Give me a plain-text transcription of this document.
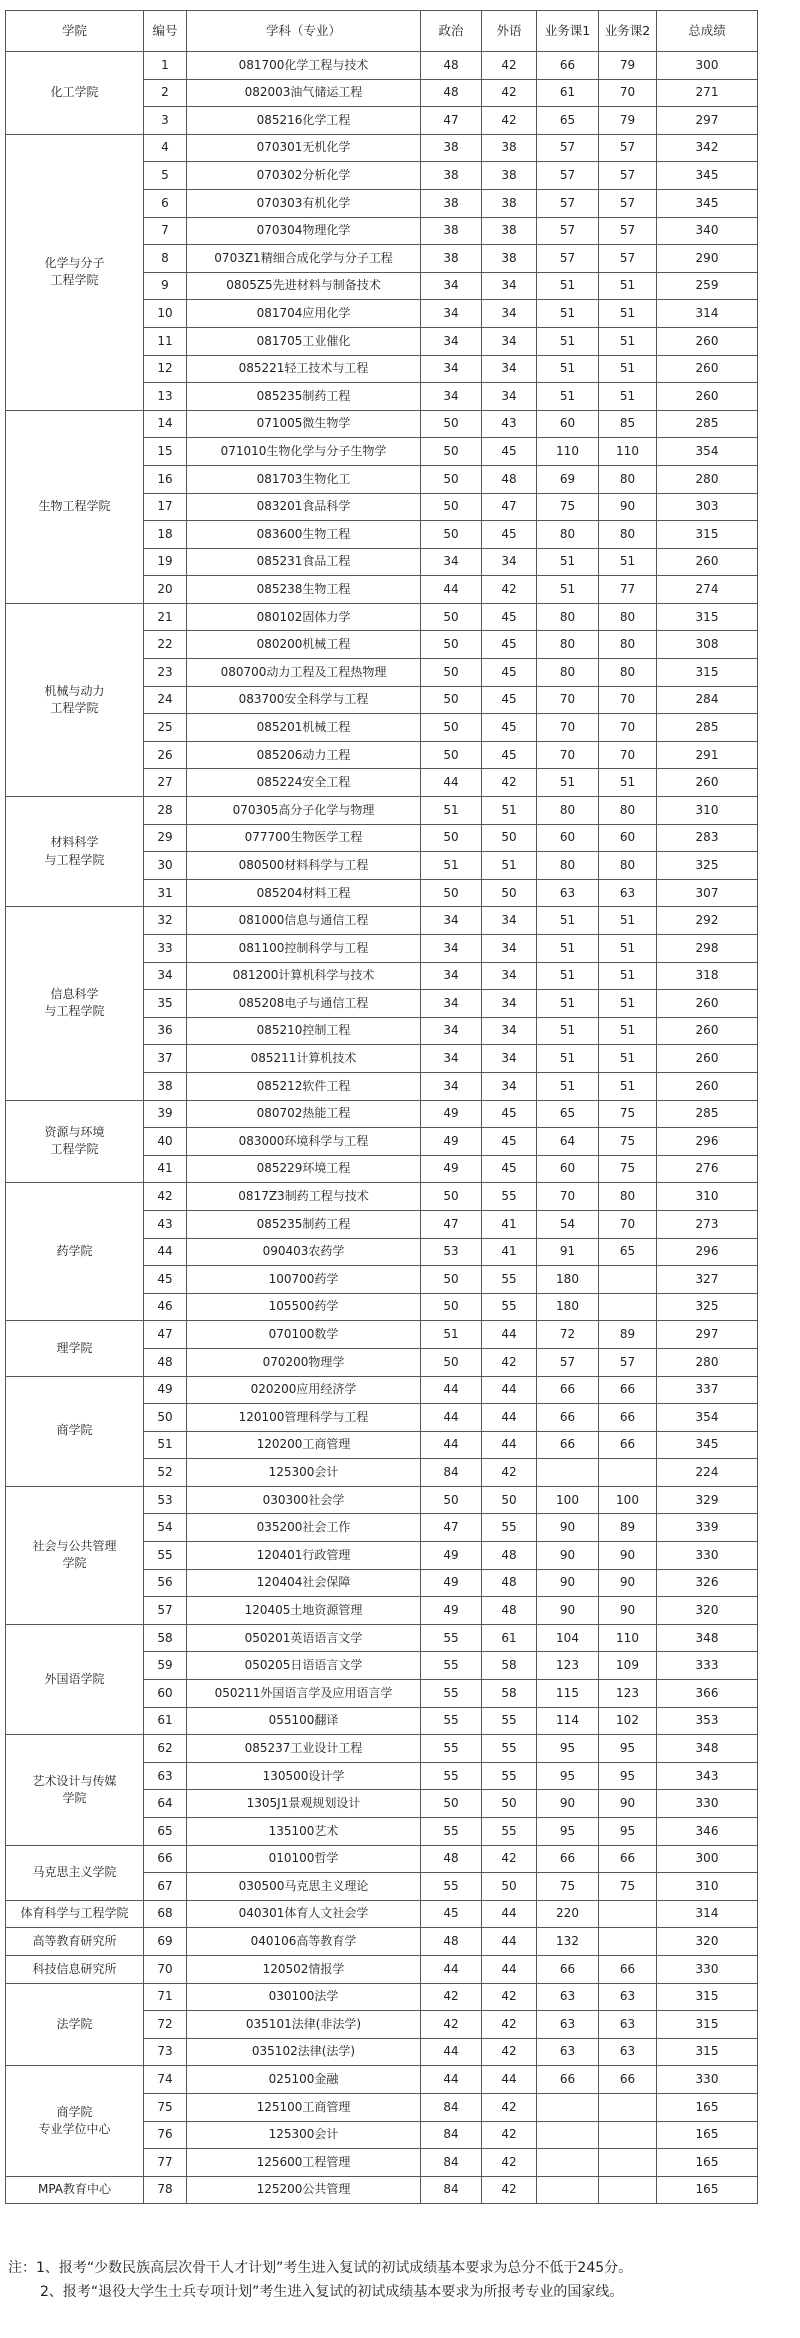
学院	编号	学科（专业）	政治	外语	业务课1	业务课2	总成绩
化工学院	1	081700化学工程与技术	48	42	66	79	300
	2	082003油气储运工程	48	42	61	70	271
	3	085216化学工程	47	42	65	79	297
化学与分子
工程学院	4	070301无机化学	38	38	57	57	342
	5	070302分析化学	38	38	57	57	345
	6	070303有机化学	38	38	57	57	345
	7	070304物理化学	38	38	57	57	340
	8	0703Z1精细合成化学与分子工程	38	38	57	57	290
	9	0805Z5先进材料与制备技术	34	34	51	51	259
	10	081704应用化学	34	34	51	51	314
	11	081705工业催化	34	34	51	51	260
	12	085221轻工技术与工程	34	34	51	51	260
	13	085235制药工程	34	34	51	51	260
生物工程学院	14	071005微生物学	50	43	60	85	285
	15	071010生物化学与分子生物学	50	45	110	110	354
	16	081703生物化工	50	48	69	80	280
	17	083201食品科学	50	47	75	90	303
	18	083600生物工程	50	45	80	80	315
	19	085231食品工程	34	34	51	51	260
	20	085238生物工程	44	42	51	77	274
机械与动力
工程学院	21	080102固体力学	50	45	80	80	315
	22	080200机械工程	50	45	80	80	308
	23	080700动力工程及工程热物理	50	45	80	80	315
	24	083700安全科学与工程	50	45	70	70	284
	25	085201机械工程	50	45	70	70	285
	26	085206动力工程	50	45	70	70	291
	27	085224安全工程	44	42	51	51	260
材料科学
与工程学院	28	070305高分子化学与物理	51	51	80	80	310
	29	077700生物医学工程	50	50	60	60	283
	30	080500材料科学与工程	51	51	80	80	325
	31	085204材料工程	50	50	63	63	307
信息科学
与工程学院	32	081000信息与通信工程	34	34	51	51	292
	33	081100控制科学与工程	34	34	51	51	298
	34	081200计算机科学与技术	34	34	51	51	318
	35	085208电子与通信工程	34	34	51	51	260
	36	085210控制工程	34	34	51	51	260
	37	085211计算机技术	34	34	51	51	260
	38	085212软件工程	34	34	51	51	260
资源与环境
工程学院	39	080702热能工程	49	45	65	75	285
	40	083000环境科学与工程	49	45	64	75	296
	41	085229环境工程	49	45	60	75	276
药学院	42	0817Z3制药工程与技术	50	55	70	80	310
	43	085235制药工程	47	41	54	70	273
	44	090403农药学	53	41	91	65	296
	45	100700药学	50	55	180		327
	46	105500药学	50	55	180		325
理学院	47	070100数学	51	44	72	89	297
	48	070200物理学	50	42	57	57	280
商学院	49	020200应用经济学	44	44	66	66	337
	50	120100管理科学与工程	44	44	66	66	354
	51	120200工商管理	44	44	66	66	345
	52	125300会计	84	42			224
社会与公共管理
学院	53	030300社会学	50	50	100	100	329
	54	035200社会工作	47	55	90	89	339
	55	120401行政管理	49	48	90	90	330
	56	120404社会保障	49	48	90	90	326
	57	120405土地资源管理	49	48	90	90	320
外国语学院	58	050201英语语言文学	55	61	104	110	348
	59	050205日语语言文学	55	58	123	109	333
	60	050211外国语言学及应用语言学	55	58	115	123	366
	61	055100翻译	55	55	114	102	353
艺术设计与传媒
学院	62	085237工业设计工程	55	55	95	95	348
	63	130500设计学	55	55	95	95	343
	64	1305J1景观规划设计	50	50	90	90	330
	65	135100艺术	55	55	95	95	346
马克思主义学院	66	010100哲学	48	42	66	66	300
	67	030500马克思主义理论	55	50	75	75	310
体育科学与工程学院	68	040301体育人文社会学	45	44	220		314
高等教育研究所	69	040106高等教育学	48	44	132		320
科技信息研究所	70	120502情报学	44	44	66	66	330
法学院	71	030100法学	42	42	63	63	315
	72	035101法律(非法学)	42	42	63	63	315
	73	035102法律(法学)	44	42	63	63	315
商学院
专业学位中心	74	025100金融	44	44	66	66	330
	75	125100工商管理	84	42			165
	76	125300会计	84	42			165
	77	125600工程管理	84	42			165
MPA教育中心	78	125200公共管理	84	42			165
注：1、报考“少数民族高层次骨干人才计划”考生进入复试的初试成绩基本要求为总分不低于245分。
2、报考“退役大学生士兵专项计划”考生进入复试的初试成绩基本要求为所报考专业的国家线。
